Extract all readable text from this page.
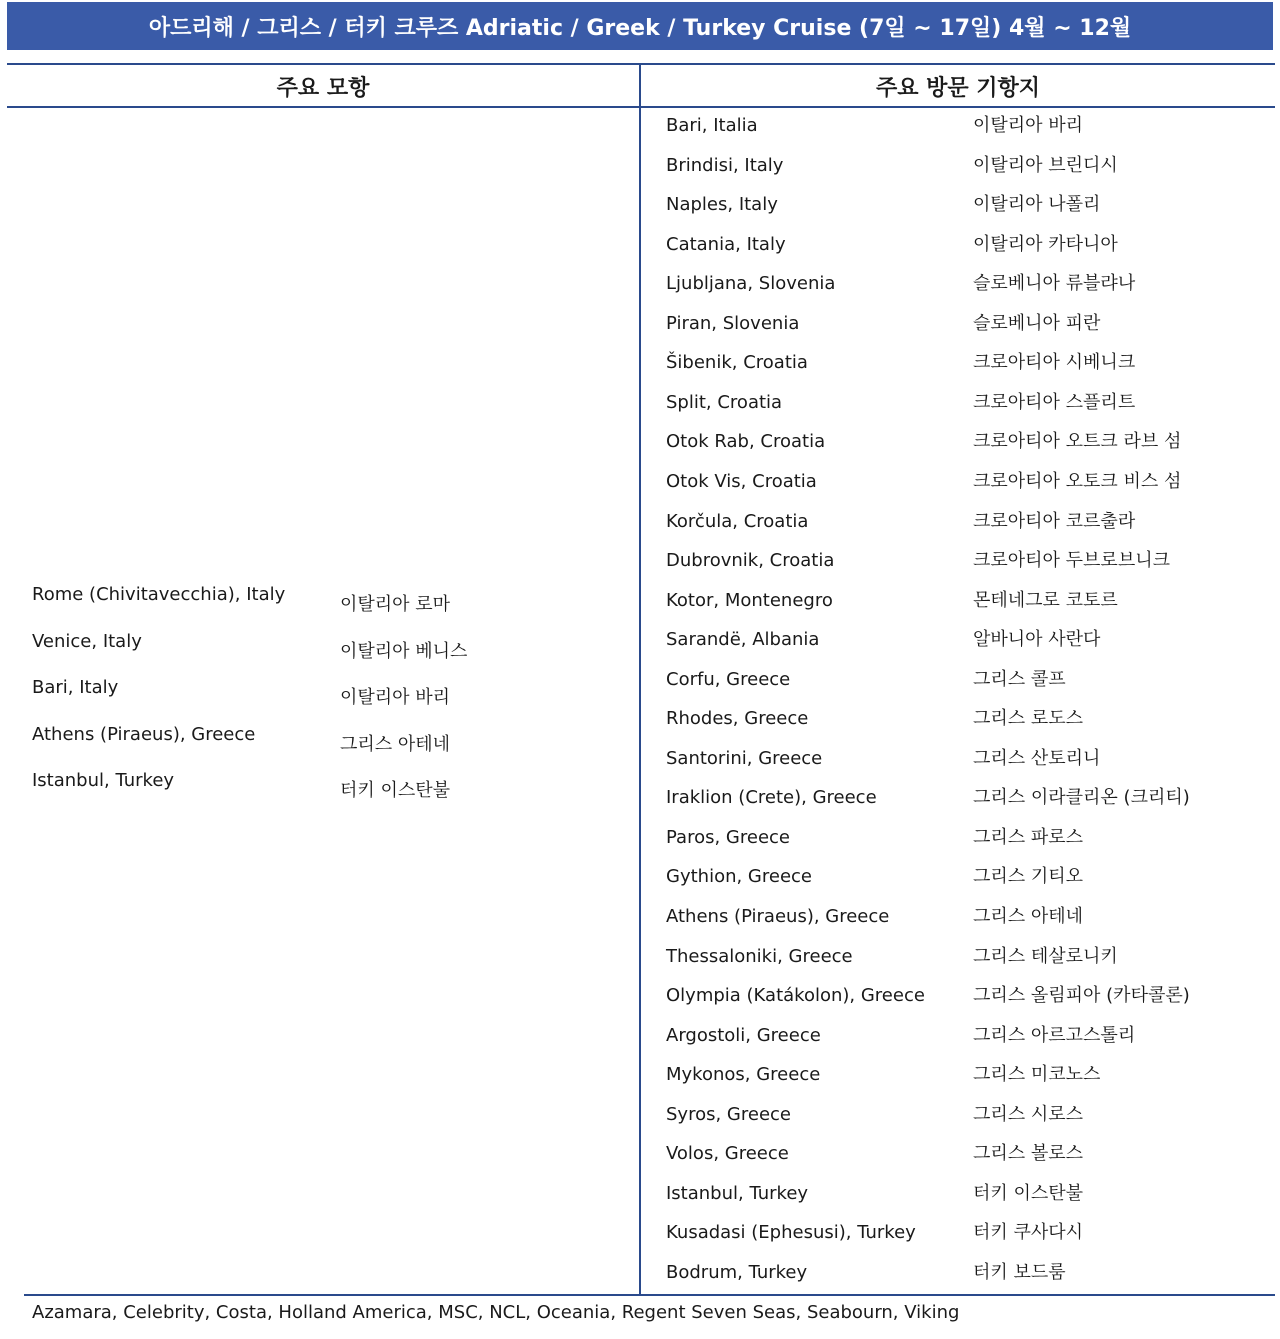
아드리해 / 그리스 / 터키 크루즈 Adriatic / Greek / Turkey Cruise (7일 ~ 17일) 4월 ~ 12월
주요 모항	주요 방문 기항지
Rome (Chivitavecchia), Italy	이탈리아 로마
Venice, Italy	이탈리아 베니스
Bari, Italy	이탈리아 바리
Athens (Piraeus), Greece	그리스 아테네
Istanbul, Turkey	터키 이스탄불
Bari, Italia	이탈리아 바리
Brindisi, Italy	이탈리아 브린디시
Naples, Italy	이탈리아 나폴리
Catania, Italy	이탈리아 카타니아
Ljubljana, Slovenia	슬로베니아 류블랴나
Piran, Slovenia	슬로베니아 피란
Šibenik, Croatia	크로아티아 시베니크
Split, Croatia	크로아티아 스플리트
Otok Rab, Croatia	크로아티아 오트크 라브 섬
Otok Vis, Croatia	크로아티아 오토크 비스 섬
Korčula, Croatia	크로아티아 코르출라
Dubrovnik, Croatia	크로아티아 두브로브니크
Kotor, Montenegro	몬테네그로 코토르
Sarandë, Albania	알바니아 사란다
Corfu, Greece	그리스 콜프
Rhodes, Greece	그리스 로도스
Santorini, Greece	그리스 산토리니
Iraklion (Crete), Greece	그리스 이라클리온 (크리티)
Paros, Greece	그리스 파로스
Gythion, Greece	그리스 기티오
Athens (Piraeus), Greece	그리스 아테네
Thessaloniki, Greece	그리스 테살로니키
Olympia (Katákolon), Greece	그리스 올림피아 (카타콜론)
Argostoli, Greece	그리스 아르고스톨리
Mykonos, Greece	그리스 미코노스
Syros, Greece	그리스 시로스
Volos, Greece	그리스 볼로스
Istanbul, Turkey	터키 이스탄불
Kusadasi (Ephesusi), Turkey	터키 쿠사다시
Bodrum, Turkey	터키 보드룸
Azamara, Celebrity, Costa, Holland America, MSC, NCL, Oceania, Regent Seven Seas, Seabourn, Viking
